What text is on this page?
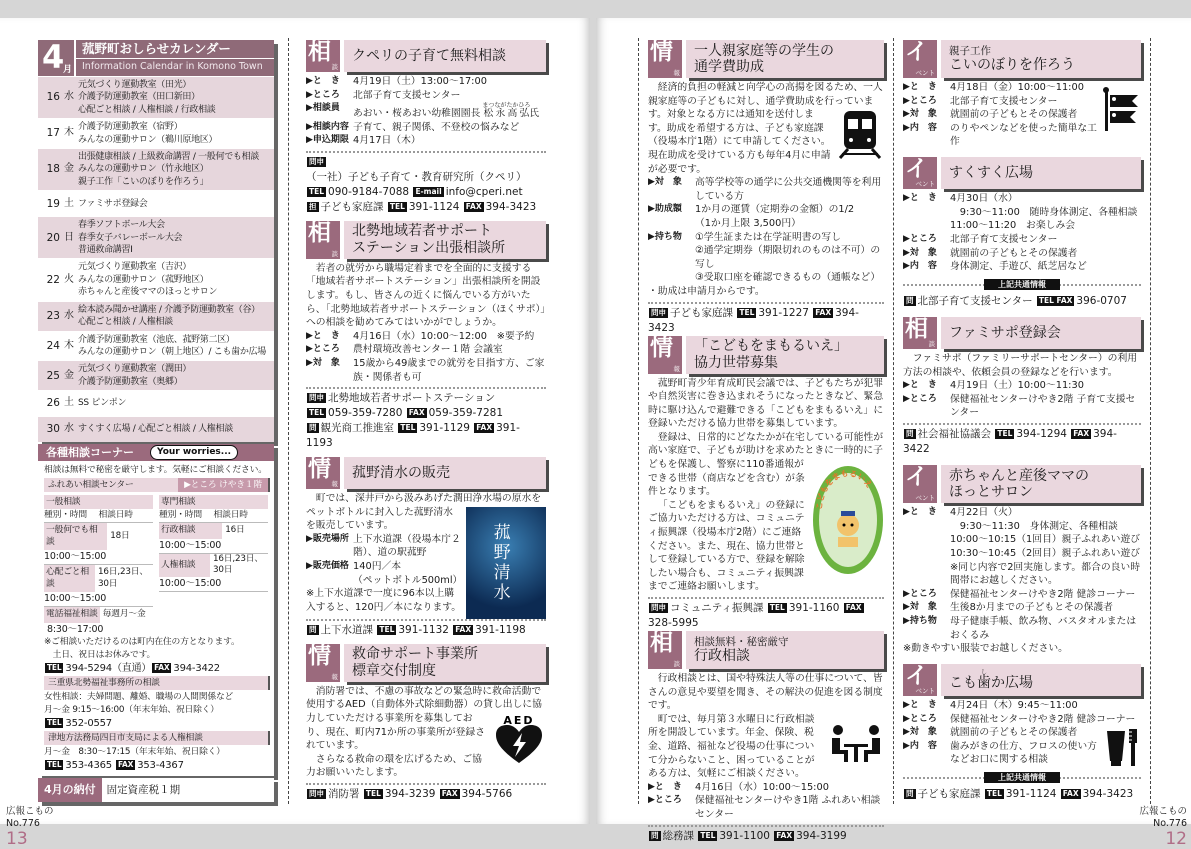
4
月
菰野町おしらせカレンダー
Information Calendar in Komono Town
16 水
元気づくり運動教室（田光）
介護予防運動教室（田口新田）
心配ごと相談 / 人権相談 / 行政相談
17 木
介護予防運動教室（宿野）
みんなの運動サロン（鵜川原地区）
18 金
出張健康相談 / 上級救命講習 / 一般何でも相談
みんなの運動サロン（竹永地区）
親子工作「こいのぼりを作ろう」
19 土 ファミサポ登録会
20 日
春季ソフトボール大会
春季女子バレーボール大会
普通救命講習Ⅰ
22 火
元気づくり運動教室（吉沢）
みんなの運動サロン（菰野地区）
赤ちゃんと産後ママのほっとサロン
23 水
絵本読み聞かせ講座 / 介護予防運動教室（谷）
心配ごと相談 / 人権相談
24 木
介護予防運動教室（池底、菰野第二区）
みんなの運動サロン（朝上地区）/ こも歯か広場
25 金
元気づくり運動教室（潤田）
介護予防運動教室（奥郷）
26 土 SS ピンポン
30 水 すくすく広場 / 心配ごと相談 / 人権相談
各種相談コーナー	Your worries...
相談は無料で秘密を厳守します。気軽にご相談ください。
ふれあい相談センター	▶ところ けやき１階
一般相談
種別・時間	相談日時
一般何でも相談
18日
10:00～15:00
心配ごと相談
16日,23日、30日
10:00～15:00
専門相談
種別・時間	相談日時
行政相談	16日
10:00～15:00
人権相談
16日,23日、30日
10:00～15:00
電話福祉相談 毎週月～金
8:30～17:00
※ご相談いただけるのは町内在住の方となります。
　土日、祝日はお休みです。
TEL 394-5294（直通） FAX 394-3422
三重県北勢福祉事務所の相談
女性相談：夫婦問題、離婚、職場の人間関係など
月～金 9:15～16:00（年末年始、祝日除く）
TEL 352-0557
津地方法務局四日市支局による人権相談
月～金　8:30～17:15（年末年始、祝日除く）
TEL 353-4365 FAX 353-4367
4月の納付	固定資産税１期
相
談
クペリの子育て無料相談
▶と　き	4月19日（土）13:00～17:00
▶ところ	北部子育て支援センター
▶相談員	あおい・桜あおい幼稚園園長 松永高弘まつながたかひろ氏
▶相談内容 子育て、親子関係、不登校の悩みなど
▶申込期限 4月17日（木）
問申（一社）子ども子育て・教育研究所（クペリ）
TEL 090-9184-7088 E-mail info@cperi.net
担 子ども家庭課 TEL 391-1124 FAX 394-3423
相
談
北勢地域若者サポート
ステーション出張相談所

若者の就労から職場定着までを全面的に支援する「地域若者サポートステーション」出張相談所を開設します。もし、皆さんの近くに悩んでいる方がいたら、「北勢地域若者サポートステーション（ほくサポ）」への相談を勧めてみてはいかがでしょうか。

▶と　き	4月16日（水）10:00～12:00　※要予約
▶ところ	農村環境改善センター１階 会議室
▶対　象	15歳から49歳までの就労を目指す方、ご家族・関係者も可
問申 北勢地域若者サポートステーション
TEL 059-359-7280 FAX 059-359-7281
問 観光商工推進室 TEL 391-1129 FAX 391-1193
情
報
菰野清水の販売
菰野清水

町では、深井戸から汲みあげた潤田浄水場の原水をペットボトルに封入した菰野清水を販売しています。

▶販売場所 上下水道課（役場本庁２階）、道の駅菰野
▶販売価格 140円／本
（ペットボトル500ml）

※上下水道課で一度に96本以上購入すると、120円／本になります。

問 上下水道課 TEL 391-1132 FAX 391-1198
情
報
救命サポート事業所
標章交付制度
AED

消防署では、不慮の事故などの緊急時に救命活動で使用するAED（自動体外式除細動器）の貸し出しに協力していただける事業所を募集しており、現在、町内71か所の事業所が登録されています。

さらなる救命の環を広げるため、ご協力お願いいたします。

問申 消防署 TEL 394-3239 FAX 394-5766
情
報
一人親家庭等の学生の
通学費助成

経済的負担の軽減と向学心の高揚を図るため、一人親家庭等の子どもに対し、通学費助成を行っています。対象となる方には通知を送付します。助成を希望する方は、子ども家庭課（役場本庁1階）にて申請してください。現在助成を受けている方も毎年4月に申請が必要です。

▶対　象	高等学校等の通学に公共交通機関等を利用している方
▶助成額	1か月の運賃（定期券の金額）の1/2
（1か月上限 3,500円）
▶持ち物	①学生証または在学証明書の写し
②通学定期券（期限切れのものは不可）の写し
③受取口座を確認できるもの（通帳など）

・助成は申請月からです。

問申 子ども家庭課 TEL 391-1227 FAX 394-3423
情
報
「こどもをまもるいえ」
協力世帯募集
こどもをまもるいえ

菰野町青少年育成町民会議では、子どもたちが犯罪や自然災害に巻き込まれそうになったときなど、緊急時に駆け込んで避難できる「こどもをまもるいえ」に登録いただける協力世帯を募集しています。

登録は、日常的にどなたかが在宅している可能性が高い家庭で、子どもが助けを求めたときに一時的に子どもを保護し、警察に110番通報ができる世帯（商店などを含む）が条件となります。

「こどもをまもるいえ」の登録にご協力いただける方は、コミュニティ振興課（役場本庁2階）にご連絡ください。また、現在、協力世帯として登録している方で、登録を解除したい場合も、コミュニティ振興課までご連絡お願いします。

問申 コミュニティ振興課 TEL 391-1160 FAX328-5995
相
談
相談無料・秘密厳守
行政相談

行政相談とは、国や特殊法人等の仕事について、皆さんの意見や要望を聞き、その解決の促進を図る制度です。

町では、毎月第３水曜日に行政相談所を開設しています。年金、保険、税金、道路、福祉など役場の仕事について分からないこと、困っていることがある方は、気軽にご相談ください。

▶と　き	4月16日（水）10:00～15:00
▶ところ	保健福祉センターけやき1階 ふれあい相談センター
問 総務課 TEL 391-1100 FAX 394-3199
イ
ベント
親子工作
こいのぼりを作ろう
▶と　き	4月18日（金）10:00～11:00
▶ところ	北部子育て支援センター
▶対　象	就園前の子どもとその保護者
▶内　容	のりやペンなどを使った簡単な工作
イ
ベント
すくすく広場
▶と　き	4月30日（水）
　9:30～11:00　随時身体測定、各種相談
11:00～11:20　お楽しみ会
▶ところ	北部子育て支援センター
▶対　象	就園前の子どもとその保護者
▶内　容	身体測定、手遊び、紙芝居など
上記共通情報
問 北部子育て支援センター TEL FAX 396-0707
相
談
ファミサポ登録会

ファミサポ（ファミリーサポートセンター）の利用方法の相談や、依頼会員の登録などを行います。

▶と　き	4月19日（土）10:00～11:30
▶ところ	保健福祉センターけやき2階 子育て支援センター
問 社会福祉協議会 TEL 394-1294 FAX 394-3422
イ
ベント
赤ちゃんと産後ママの
ほっとサロン
▶と　き	4月22日（火）
　9:30～11:30　身体測定、各種相談
10:00～10:15（1回目）親子ふれあい遊び
10:30～10:45（2回目）親子ふれあい遊び
※同じ内容で2回実施します。都合の良い時間帯にお越しください。
▶ところ	保健福祉センターけやき2階 健診コーナー
▶対　象	生後8か月までの子どもとその保護者
▶持ち物	母子健康手帳、飲み物、バスタオルまたはおくるみ

※動きやすい服装でお越しください。

イ
ベント
こも歯しか広場
▶と　き	4月24日（木）9:45～11:00
▶ところ	保健福祉センターけやき2階 健診コーナー
▶対　象	就園前の子どもとその保護者
▶内　容	歯みがきの仕方、フロスの使い方などお口に関する相談
上記共通情報
問 子ども家庭課 TEL 391-1124 FAX 394-3423
広報こもの
No.776
13
広報こもの
No.776
12
